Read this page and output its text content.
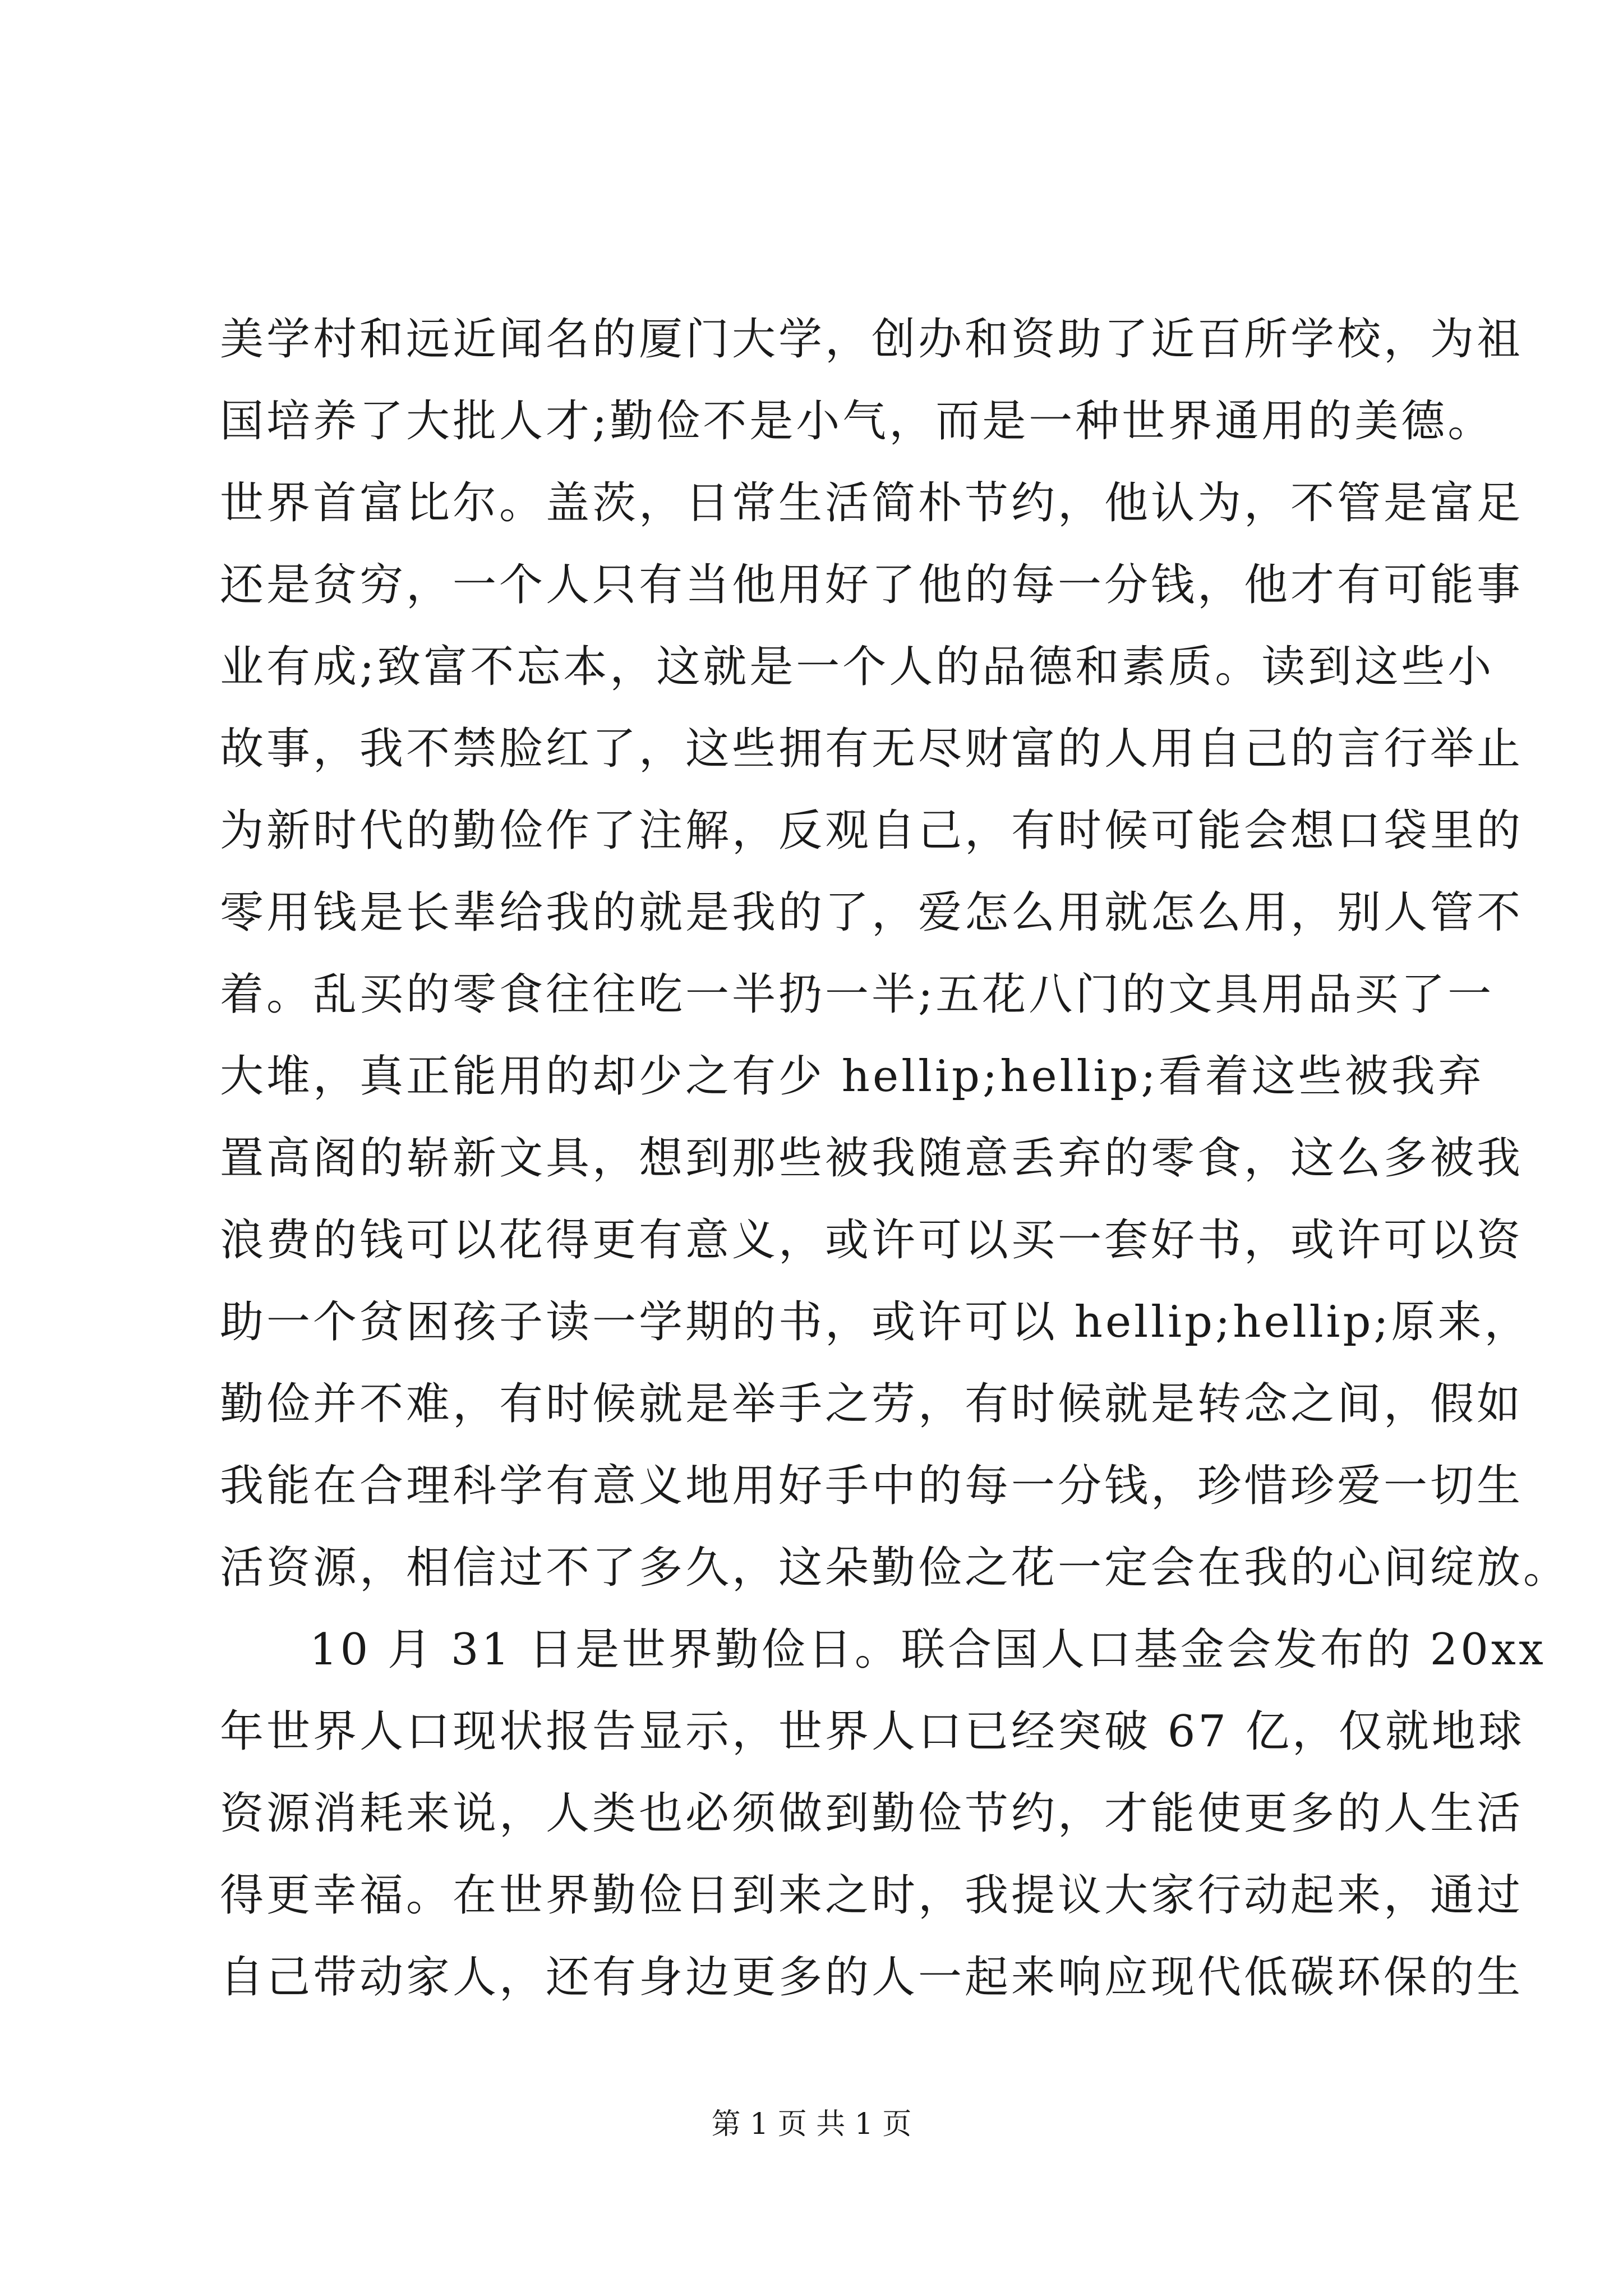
美学村和远近闻名的厦门大学，创办和资助了近百所学校，为祖
国培养了大批人才;勤俭不是小气，而是一种世界通用的美德。
世界首富比尔。盖茨，日常生活简朴节约，他认为，不管是富足
还是贫穷，一个人只有当他用好了他的每一分钱，他才有可能事
业有成;致富不忘本，这就是一个人的品德和素质。读到这些小
故事，我不禁脸红了，这些拥有无尽财富的人用自己的言行举止
为新时代的勤俭作了注解，反观自己，有时候可能会想口袋里的
零用钱是长辈给我的就是我的了，爱怎么用就怎么用，别人管不
着。乱买的零食往往吃一半扔一半;五花八门的文具用品买了一
大堆，真正能用的却少之有少 hellip;hellip;看着这些被我弃
置高阁的崭新文具，想到那些被我随意丢弃的零食，这么多被我
浪费的钱可以花得更有意义，或许可以买一套好书，或许可以资
助一个贫困孩子读一学期的书，或许可以 hellip;hellip;原来，
勤俭并不难，有时候就是举手之劳，有时候就是转念之间，假如
我能在合理科学有意义地用好手中的每一分钱，珍惜珍爱一切生
活资源，相信过不了多久，这朵勤俭之花一定会在我的心间绽放。
10 月 31 日是世界勤俭日。联合国人口基金会发布的 20xx
年世界人口现状报告显示，世界人口已经突破 67 亿，仅就地球
资源消耗来说，人类也必须做到勤俭节约，才能使更多的人生活
得更幸福。在世界勤俭日到来之时，我提议大家行动起来，通过
自己带动家人，还有身边更多的人一起来响应现代低碳环保的生
第 1 页 共 1 页
